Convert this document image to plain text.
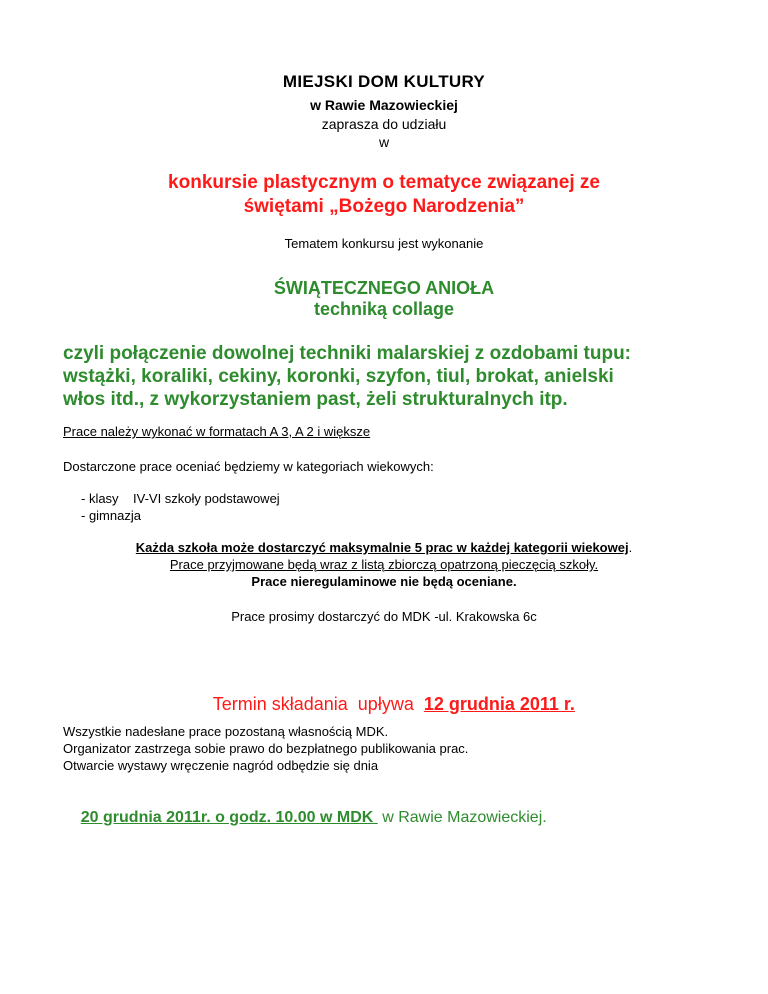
MIEJSKI DOM KULTURY
w Rawie Mazowieckiej
zaprasza do udziału
w
konkursie plastycznym o tematyce związanej ze
świętami „Bożego Narodzenia”
Tematem konkursu jest wykonanie
ŚWIĄTECZNEGO ANIOŁA
techniką collage
czyli połączenie dowolnej techniki malarskiej z ozdobami tupu:
wstążki, koraliki, cekiny, koronki, szyfon, tiul, brokat, anielski
włos itd., z wykorzystaniem past, żeli strukturalnych itp.
Prace należy wykonać w formatach A 3, A 2 i większe
Dostarczone prace oceniać będziemy w kategoriach wiekowych:
- klasy    IV-VI szkoły podstawowej
- gimnazja
Każda szkoła może dostarczyć maksymalnie 5 prac w każdej kategorii wiekowej.
Prace przyjmowane będą wraz z listą zbiorczą opatrzoną pieczęcią szkoły.
Prace nieregulaminowe nie będą oceniane.
Prace prosimy dostarczyć do MDK -ul. Krakowska 6c

Termin składania  upływa  12 grudnia 2011 r.

Wszystkie nadesłane prace pozostaną własnością MDK.
Organizator zastrzega sobie prawo do bezpłatnego publikowania prac.
Otwarcie wystawy wręczenie nagród odbędzie się dnia

20 grudnia 2011r. o godz. 10.00 w MDK  w Rawie Mazowieckiej.
